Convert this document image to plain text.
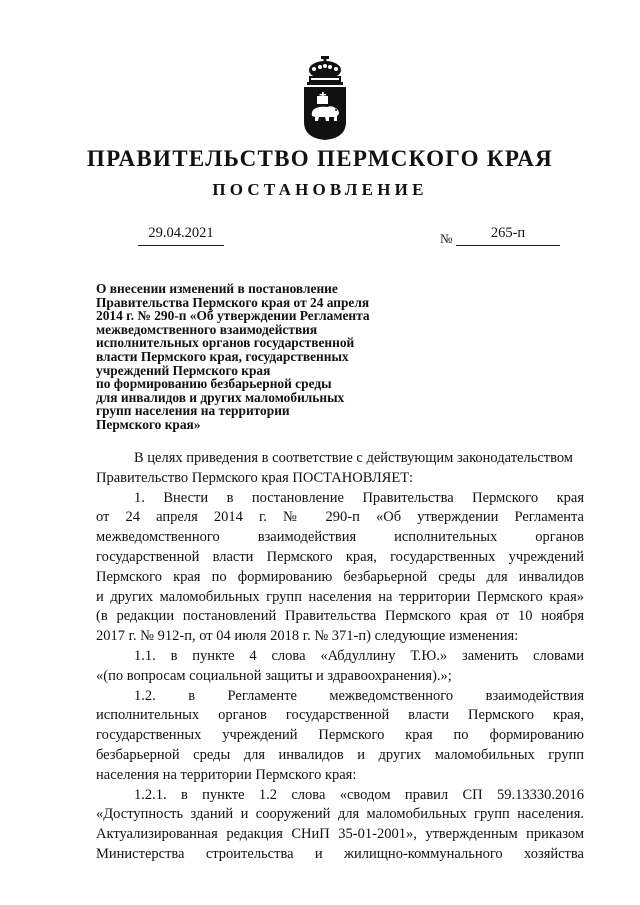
ПРАВИТЕЛЬСТВО ПЕРМСКОГО КРАЯ
ПОСТАНОВЛЕНИЕ
29.04.2021	№	265-п
О внесении изменений в постановление
Правительства Пермского края от 24 апреля
2014 г. № 290-п «Об утверждении Регламента
межведомственного взаимодействия
исполнительных органов государственной
власти Пермского края, государственных
учреждений Пермского края
по формированию безбарьерной среды
для инвалидов и других маломобильных
групп населения на территории
Пермского края»
В целях приведения в соответствие с действующим законодательством
Правительство Пермского края ПОСТАНОВЛЯЕТ:
1. Внести в постановление Правительства Пермского края
от 24 апреля 2014 г. № 290-п «Об утверждении Регламента
межведомственного взаимодействия исполнительных органов
государственной власти Пермского края, государственных учреждений
Пермского края по формированию безбарьерной среды для инвалидов
и других маломобильных групп населения на территории Пермского края»
(в редакции постановлений Правительства Пермского края от 10 ноября
2017 г. № 912-п, от 04 июля 2018 г. № 371-п) следующие изменения:
1.1. в пункте 4 слова «Абдуллину Т.Ю.» заменить словами
«(по вопросам социальной защиты и здравоохранения).»;
1.2. в Регламенте межведомственного взаимодействия
исполнительных органов государственной власти Пермского края,
государственных учреждений Пермского края по формированию
безбарьерной среды для инвалидов и других маломобильных групп
населения на территории Пермского края:
1.2.1. в пункте 1.2 слова «сводом правил СП 59.13330.2016
«Доступность зданий и сооружений для маломобильных групп населения.
Актуализированная редакция СНиП 35-01-2001», утвержденным приказом
Министерства строительства и жилищно-коммунального хозяйства
